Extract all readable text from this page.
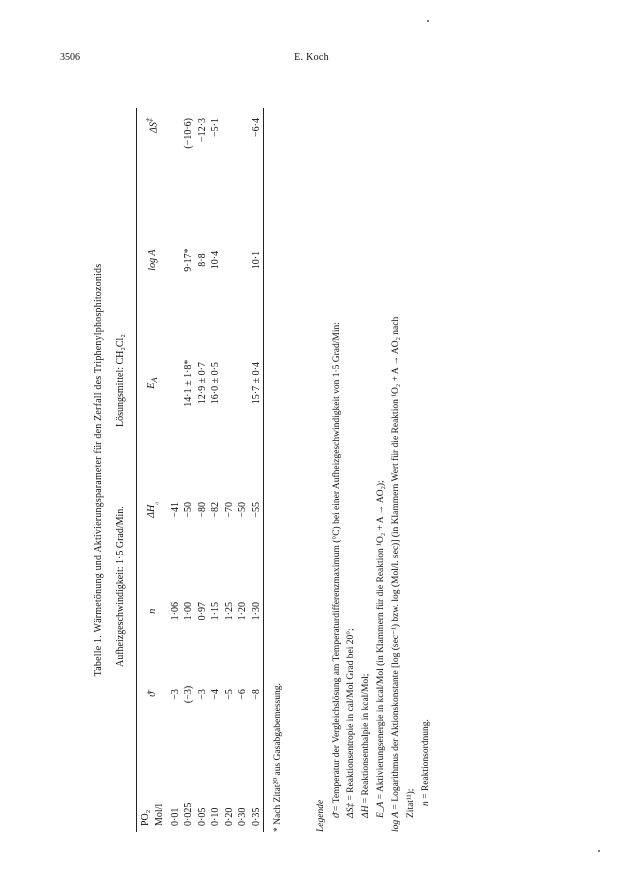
3506	E. Koch
Tabelle 1. Wärmetönung und Aktivierungsparameter für den Zerfall des Triphenylphosphitozonids Aufheizgeschwindigkeit: 1·5 Grad/Min.
Lösungsmittel: CH₂Cl₂
PO₂ Mol/l	ϑ̄	n	$\Delta H_{_0}$	$E_A$	log A	ΔS‡
0·01	−3	1·06	−41			
0·025	(−3)	1·00	−50	14·1 ± 1·8*	9·17*	(−10·6)
0·05	−3	0·97	−80	12·9 ± 0·7	8·8	−12·3
0·10	−4	1·15	−82	16·0 ± 0·5	10·4	−5·1
0·20	−5	1·25	−70			
0·30	−6	1·20	−50			
0·35	−8	1·30	−55	15·7 ± 0·4	10·1	−6·4
* Nach Zitat²⁰ aus Gasabgabemessung.	Legende ϑ̄ = Temperatur der Vergleichslösung am Temperaturdifferenzmaximum (°C) bei einer Aufheizgeschwindigkeit von 1·5 Grad/Min: ΔS‡ = Reaktionsentropie in cal/Mol Grad bei 20°;
ΔH = Reaktionsenthalpie in kcal/Mol;
E_A = Aktivierungsenergie in kcal/Mol (in Klammern für die Reaktion ¹O₂ + A → AO₂);
log A = Logarithmus der Aktionskonstante [log (sec⁻¹) bzw. log (Mol/l. sec)] (in Klammern Wert für die Reaktion ¹O₂ + A → AO₂ nach Zitat¹¹); n = Reaktionsordnung.
